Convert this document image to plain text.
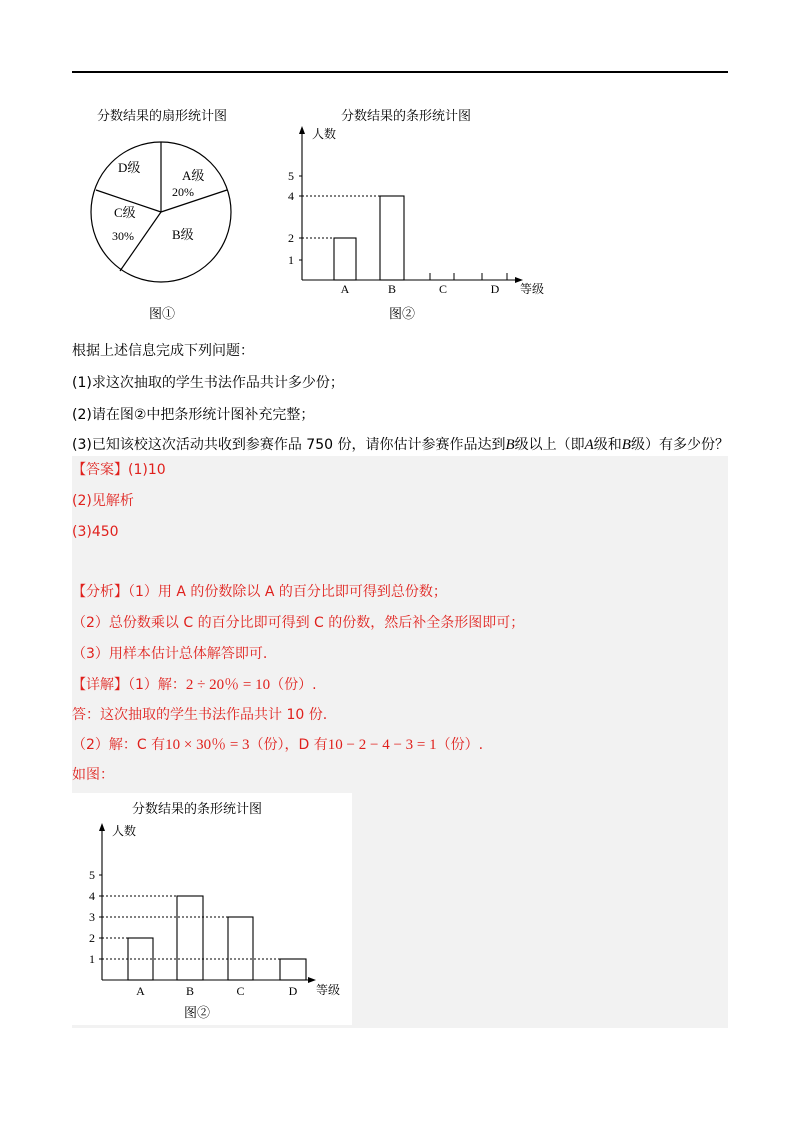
分数结果的扇形统计图
A级
20%
B级
C级
30%
D级
图①
分数结果的条形统计图
人数
等级
1
2
4
5
A	B	C	D
图②
根据上述信息完成下列问题：
(1)求这次抽取的学生书法作品共计多少份；
(2)请在图②中把条形统计图补充完整；
(3)已知该校这次活动共收到参赛作品 750 份，请你估计参赛作品达到B级以上（即A级和B级）有多少份？
【答案】(1)10
(2)见解析
(3)450
【分析】（1）用 A 的份数除以 A 的百分比即可得到总份数；
（2）总份数乘以 C 的百分比即可得到 C 的份数，然后补全条形图即可；
（3）用样本估计总体解答即可.
【详解】（1）解：2 ÷ 20％ = 10（份）.
答：这次抽取的学生书法作品共计 10 份.
（2）解：C 有10 × 30％ = 3（份），D 有10 − 2 − 4 − 3 = 1（份）.
如图：
分数结果的条形统计图
图②
人数
等级
1
2
3
4
5
A	B	C	D
